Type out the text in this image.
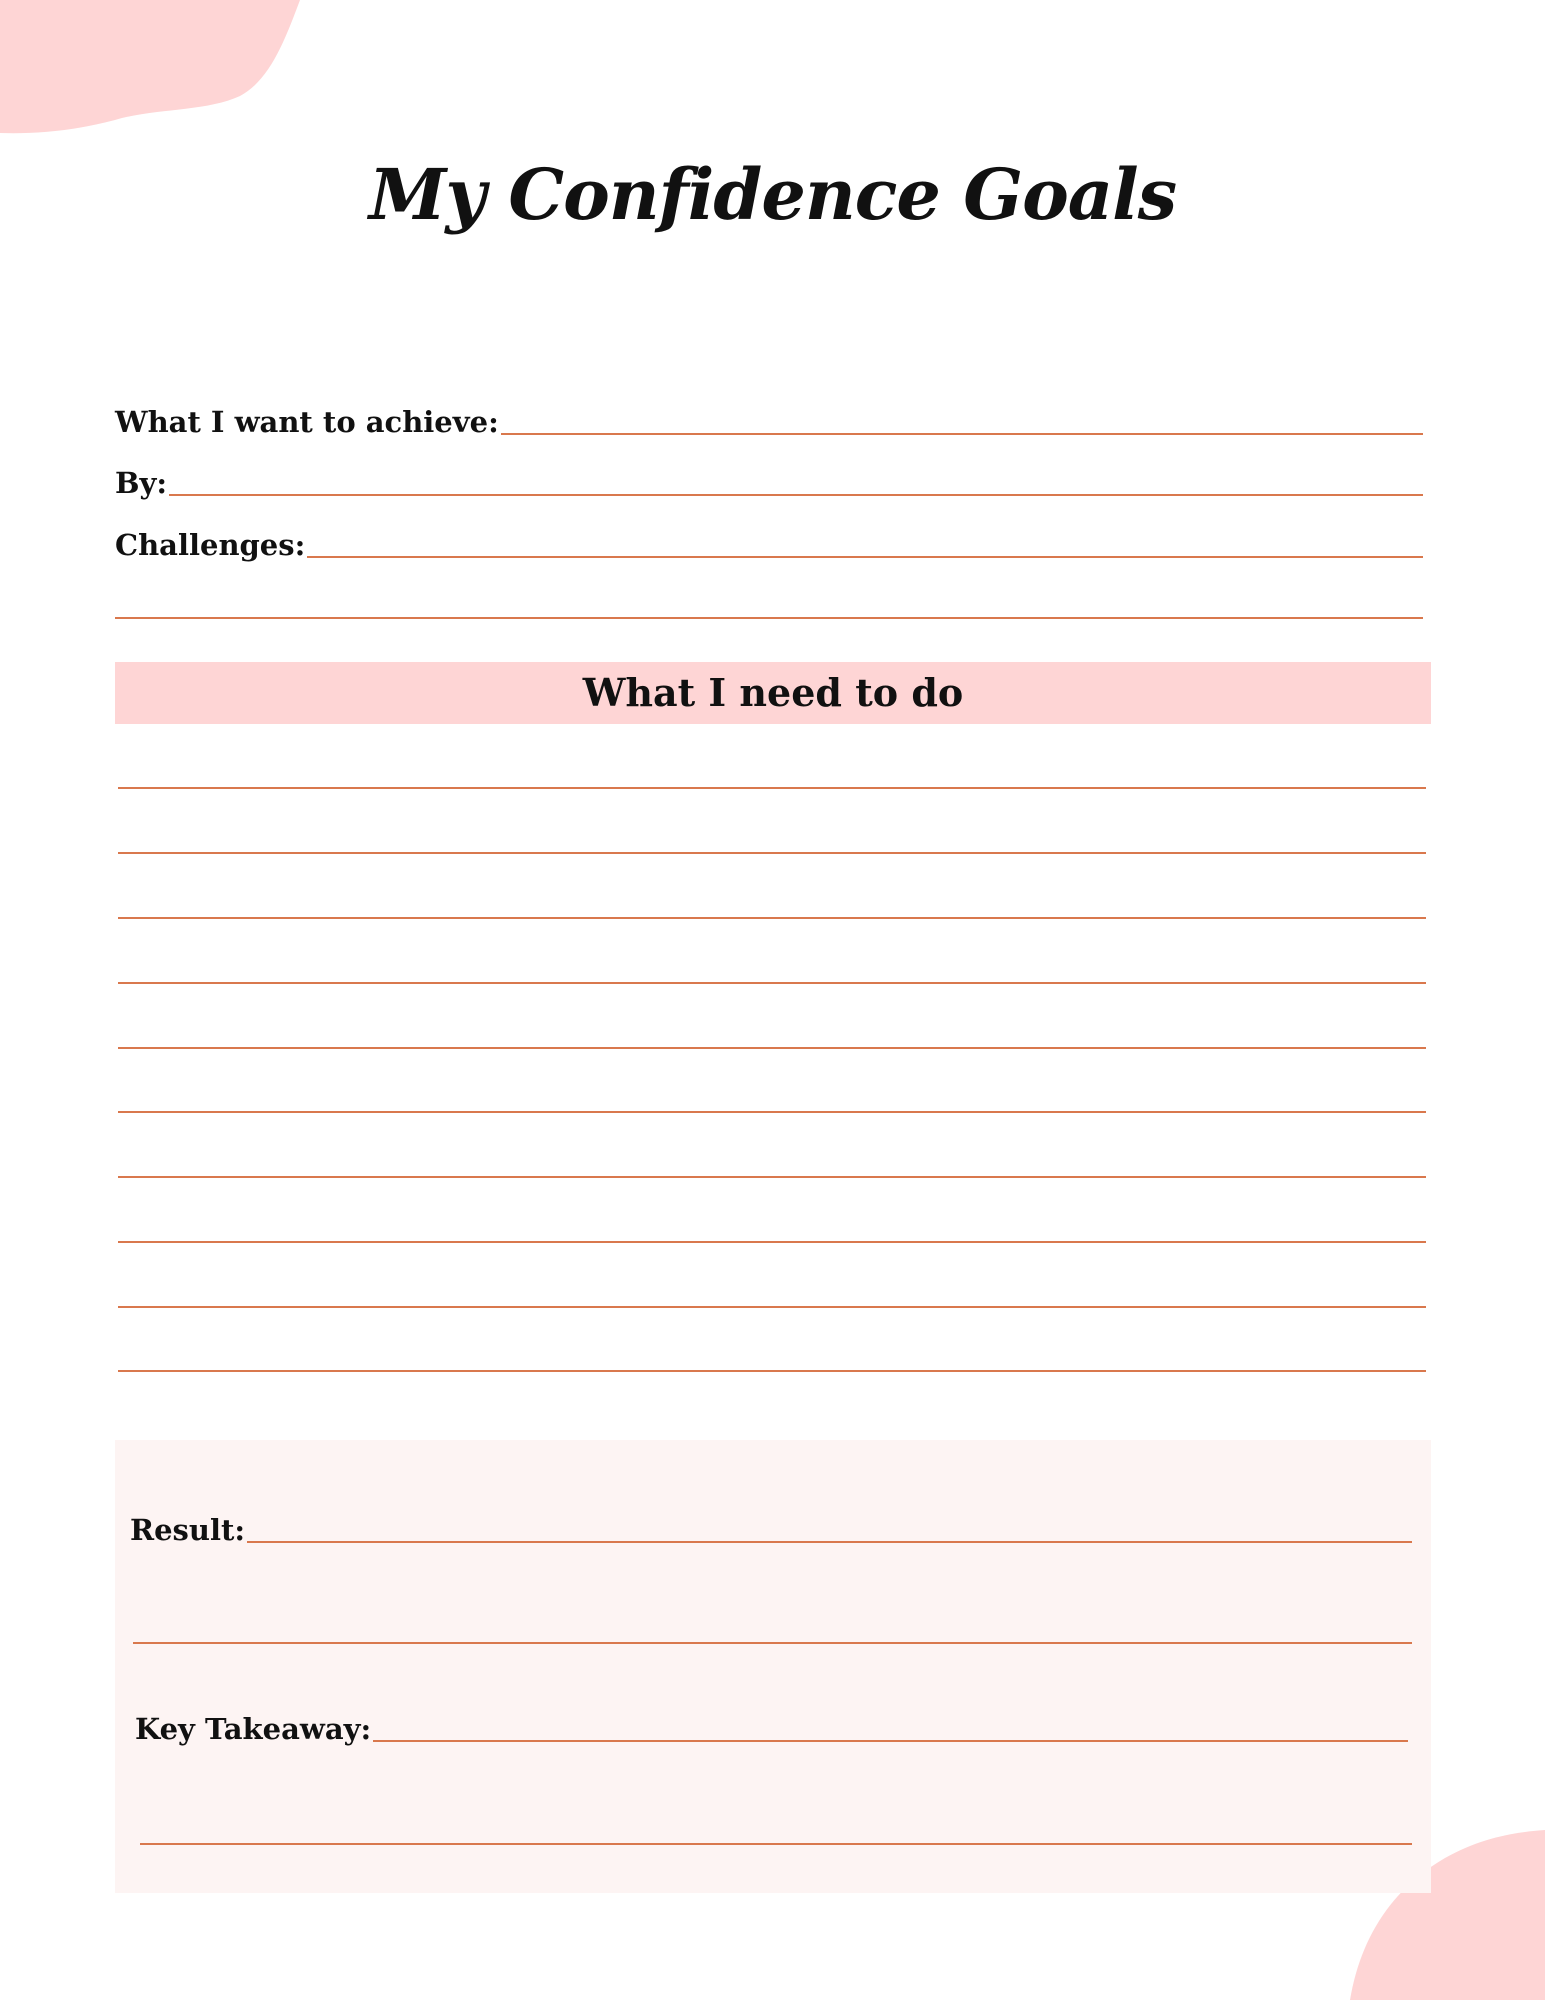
My Confidence Goals
What I want to achieve:
By:
Challenges:
What I need to do
Result:
Key Takeaway:
